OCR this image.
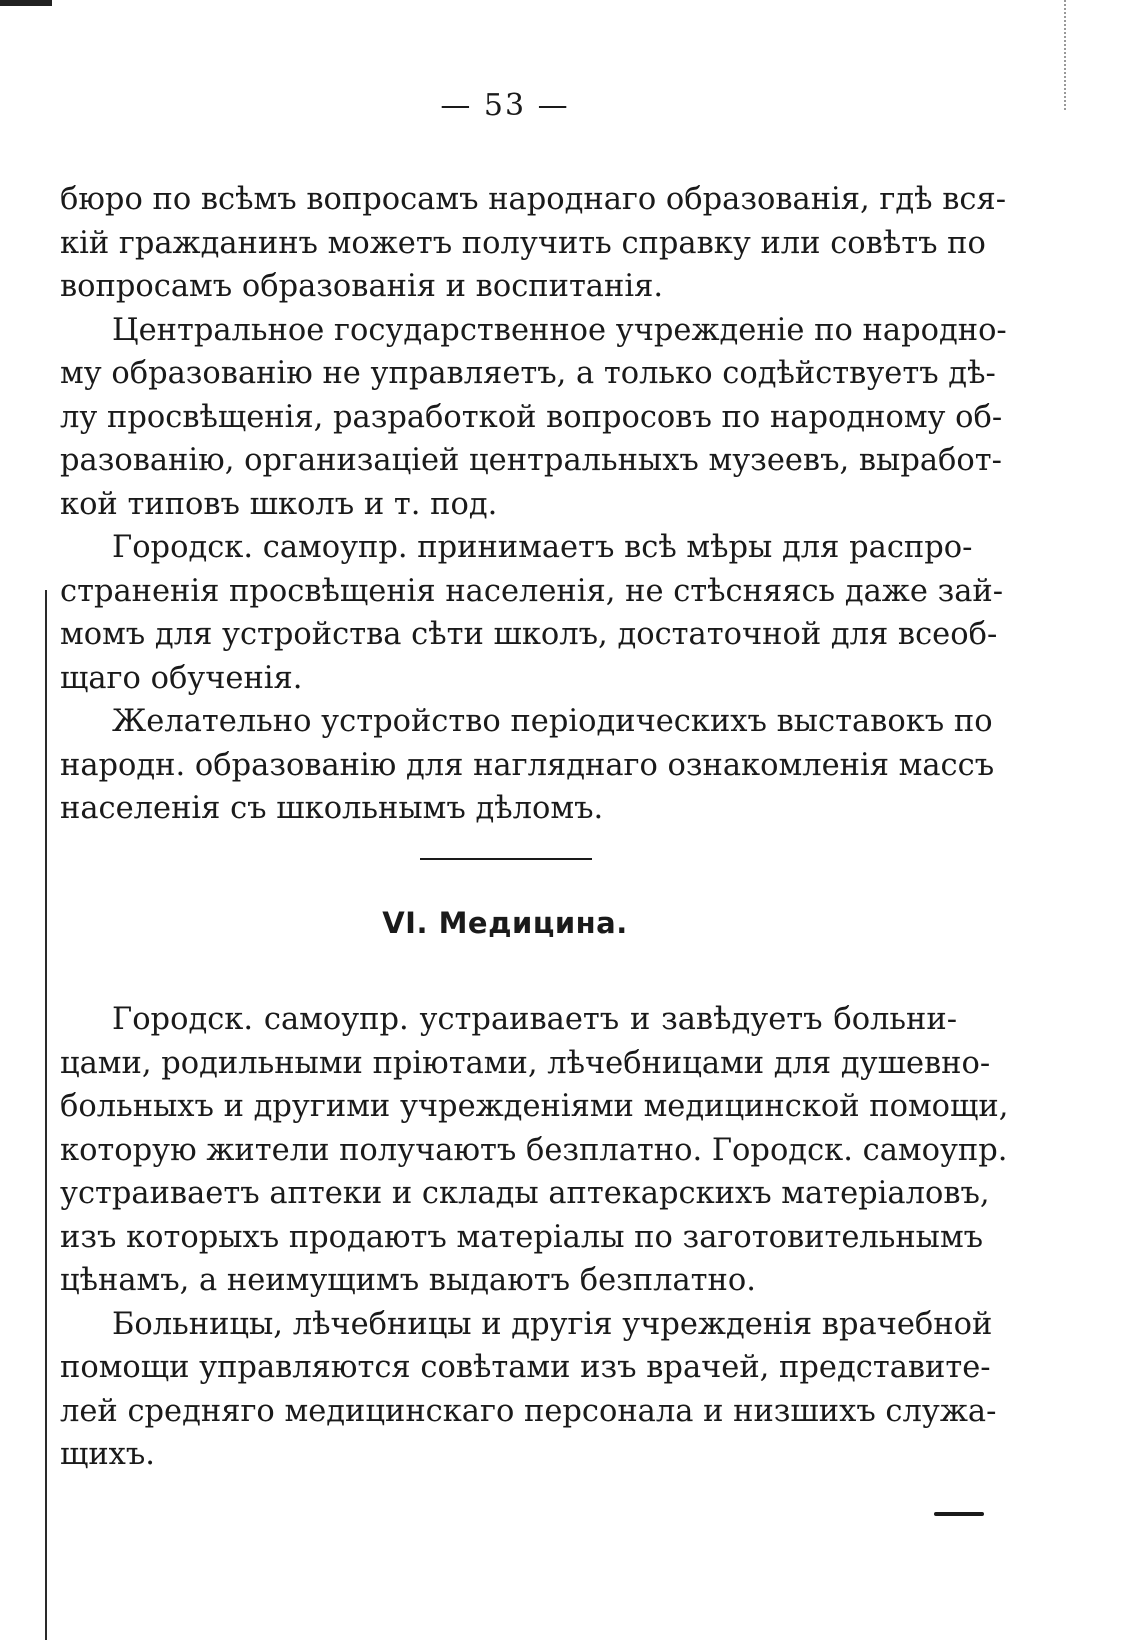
— 53 —
бюро по всѣмъ вопросамъ народнаго образованія, гдѣ вся-
кій гражданинъ можетъ получить справку или совѣтъ по
вопросамъ образованія и воспитанія.
Центральное государственное учрежденіе по народно-
му образованію не управляетъ, а только содѣйствуетъ дѣ-
лу просвѣщенія, разработкой вопросовъ по народному об-
разованію, организаціей центральныхъ музеевъ, выработ-
кой типовъ школъ и т. под.
Городск. самоупр. принимаетъ всѣ мѣры для распро-
страненія просвѣщенія населенія, не стѣсняясь даже зай-
момъ для устройства сѣти школъ, достаточной для всеоб-
щаго обученія.
Желательно устройство періодическихъ выставокъ по
народн. образованію для нагляднаго ознакомленія массъ
населенія съ школьнымъ дѣломъ.
VI. Медицина.
Городск. самоупр. устраиваетъ и завѣдуетъ больни-
цами, родильными пріютами, лѣчебницами для душевно-
больныхъ и другими учрежденіями медицинской помощи,
которую жители получаютъ безплатно. Городск. самоупр.
устраиваетъ аптеки и склады аптекарскихъ матеріаловъ,
изъ которыхъ продаютъ матеріалы по заготовительнымъ
цѣнамъ, а неимущимъ выдаютъ безплатно.
Больницы, лѣчебницы и другія учрежденія врачебной
помощи управляются совѣтами изъ врачей, представите-
лей средняго медицинскаго персонала и низшихъ служа-
щихъ.
